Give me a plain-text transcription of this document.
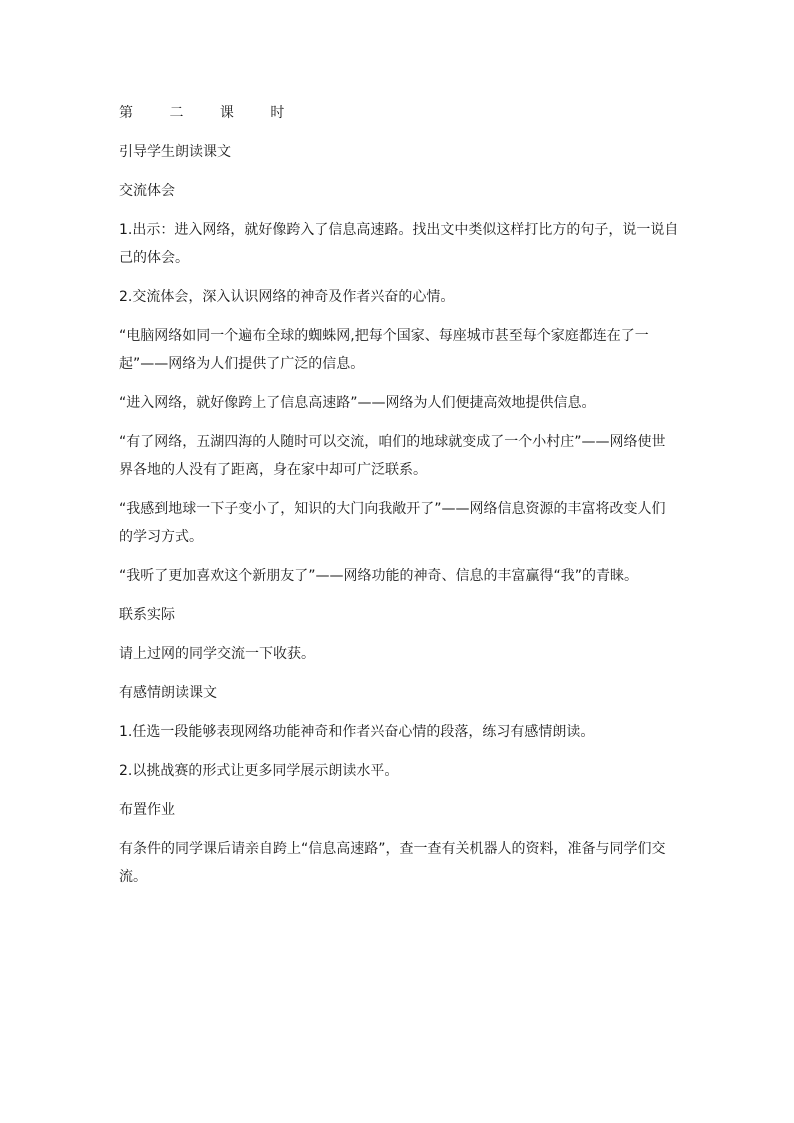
第 二 课 时

引导学生朗读课文

交流体会

1.出示：进入网络，就好像跨入了信息高速路。找出文中类似这样打比方的句子，说一说自己的体会。

2.交流体会，深入认识网络的神奇及作者兴奋的心情。

“电脑网络如同一个遍布全球的蜘蛛网,把每个国家、每座城市甚至每个家庭都连在了一起”——网络为人们提供了广泛的信息。

“进入网络，就好像跨上了信息高速路”——网络为人们便捷高效地提供信息。

“有了网络，五湖四海的人随时可以交流，咱们的地球就变成了一个小村庄”——网络使世界各地的人没有了距离，身在家中却可广泛联系。

“我感到地球一下子变小了，知识的大门向我敞开了”——网络信息资源的丰富将改变人们的学习方式。

“我听了更加喜欢这个新朋友了”——网络功能的神奇、信息的丰富赢得“我”的青睐。

联系实际

请上过网的同学交流一下收获。

有感情朗读课文

1.任选一段能够表现网络功能神奇和作者兴奋心情的段落，练习有感情朗读。

2.以挑战赛的形式让更多同学展示朗读水平。

布置作业

有条件的同学课后请亲自跨上“信息高速路”，查一查有关机器人的资料，准备与同学们交流。
